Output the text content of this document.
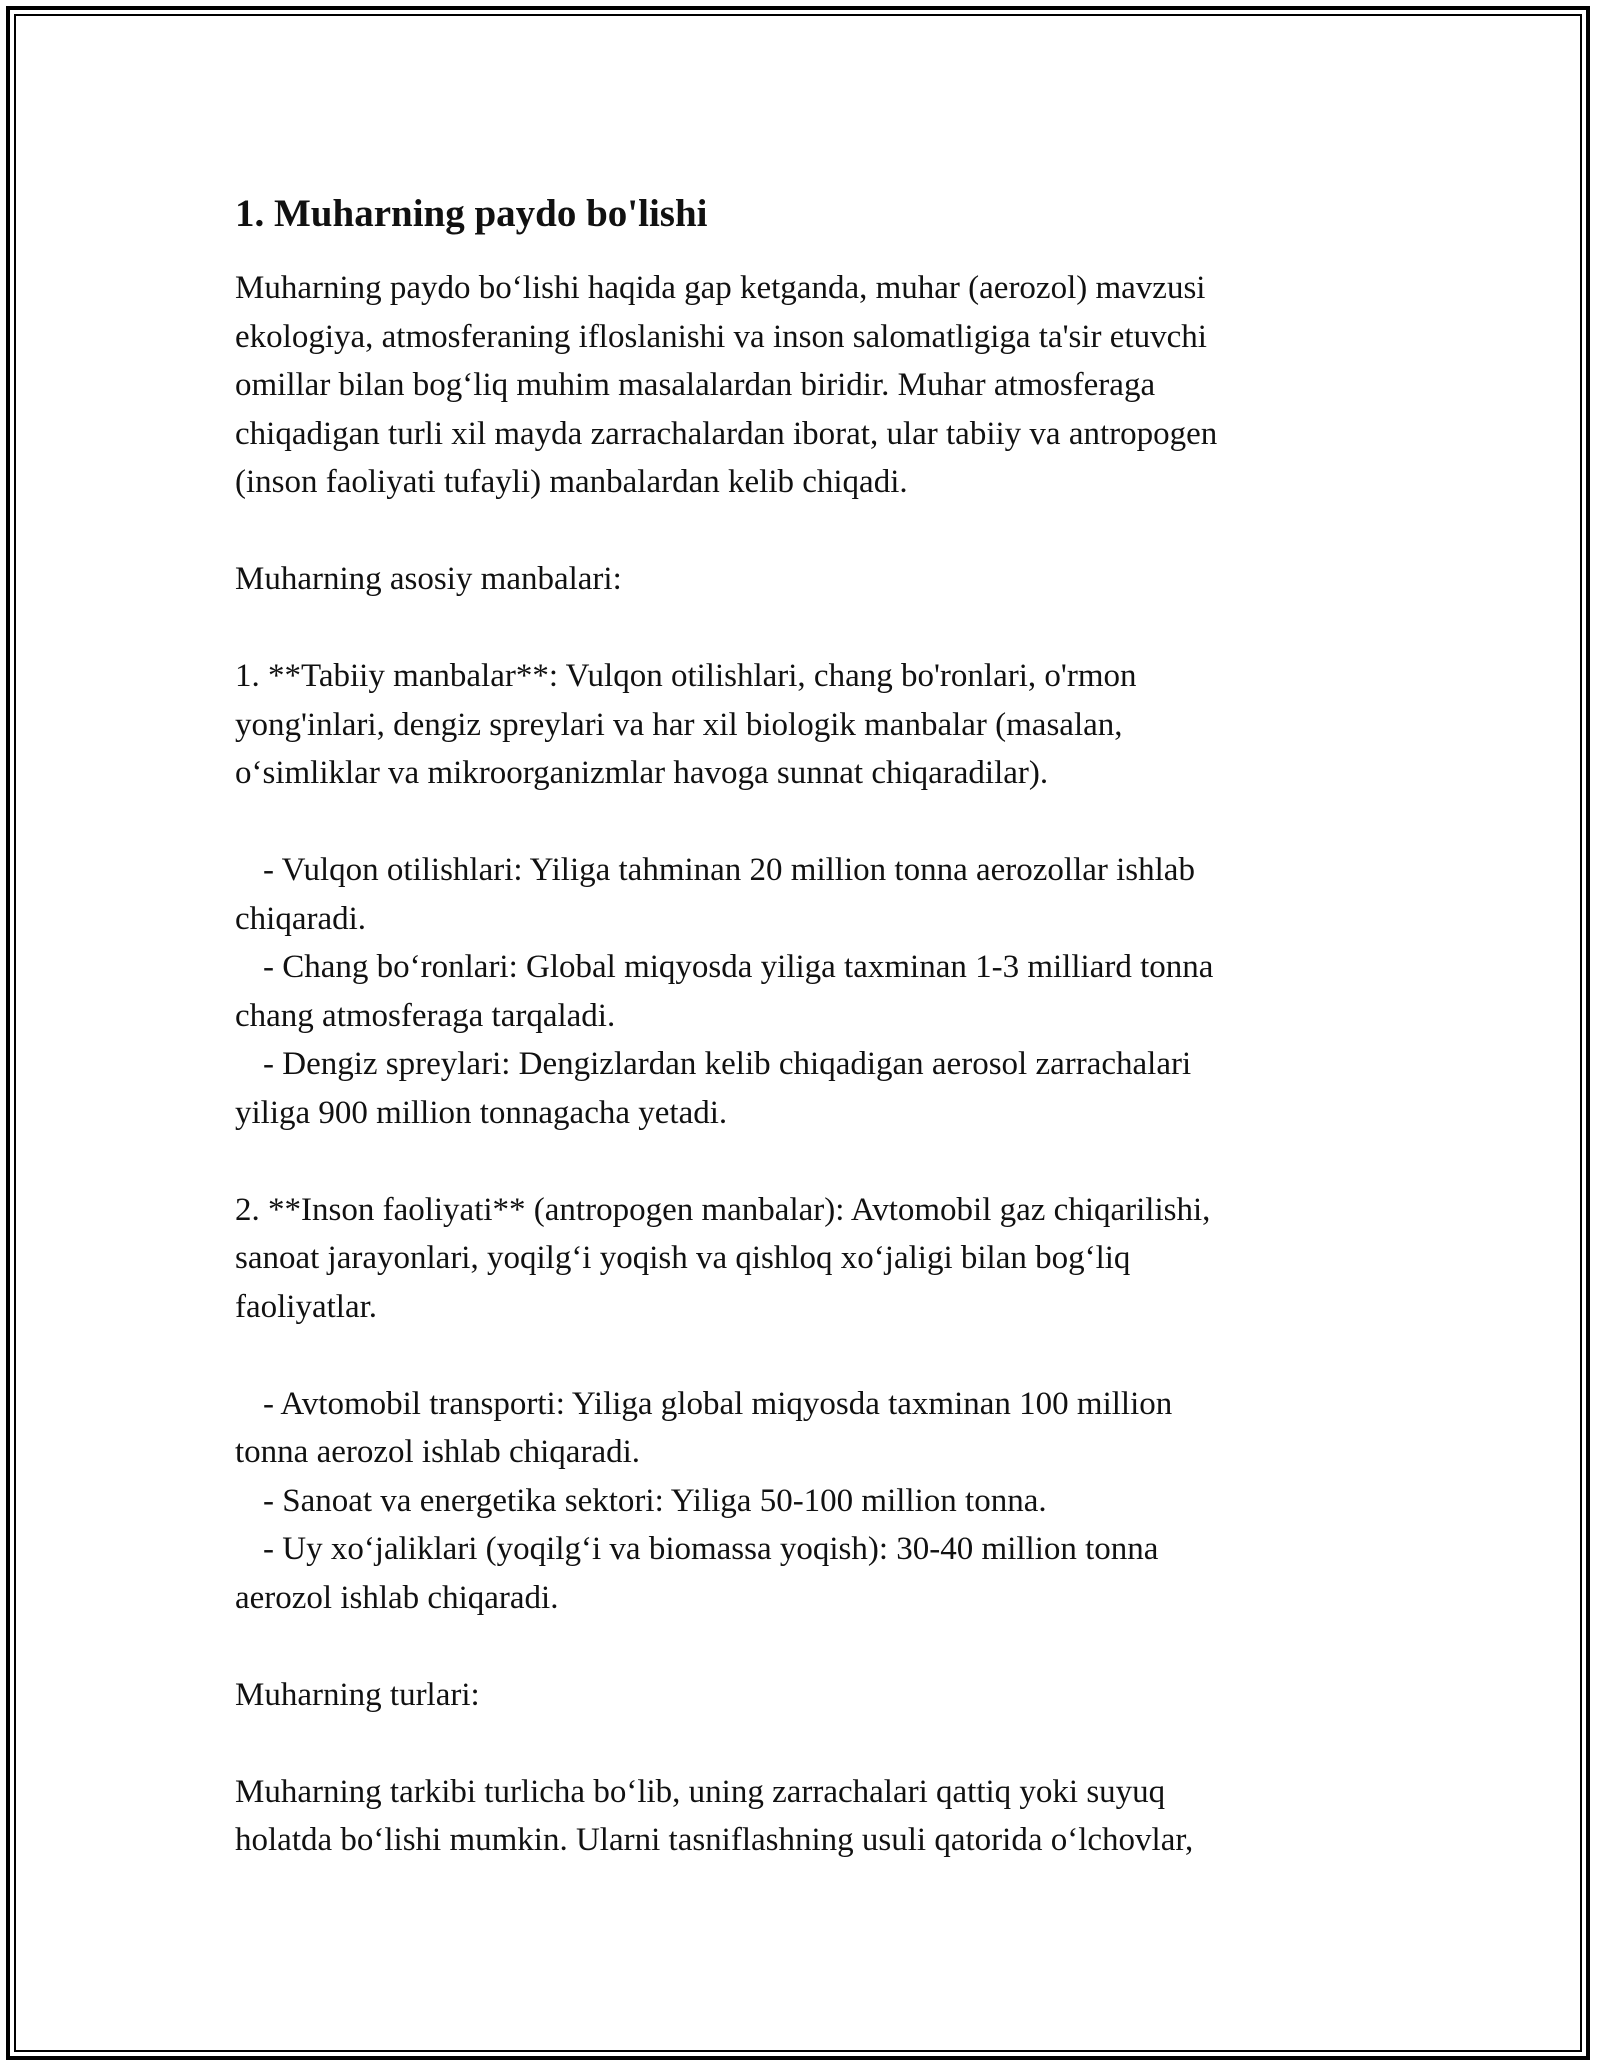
1. Muharning paydo bo'lishi
Muharning paydo bo‘lishi haqida gap ketganda, muhar (aerozol) mavzusi
ekologiya, atmosferaning ifloslanishi va inson salomatligiga ta'sir etuvchi
omillar bilan bog‘liq muhim masalalardan biridir. Muhar atmosferaga
chiqadigan turli xil mayda zarrachalardan iborat, ular tabiiy va antropogen
(inson faoliyati tufayli) manbalardan kelib chiqadi.
Muharning asosiy manbalari:
1. **Tabiiy manbalar**: Vulqon otilishlari, chang bo'ronlari, o'rmon
yong'inlari, dengiz spreylari va har xil biologik manbalar (masalan,
o‘simliklar va mikroorganizmlar havoga sunnat chiqaradilar).
- Vulqon otilishlari: Yiliga tahminan 20 million tonna aerozollar ishlab
chiqaradi.
- Chang bo‘ronlari: Global miqyosda yiliga taxminan 1-3 milliard tonna
chang atmosferaga tarqaladi.
- Dengiz spreylari: Dengizlardan kelib chiqadigan aerosol zarrachalari
yiliga 900 million tonnagacha yetadi.
2. **Inson faoliyati** (antropogen manbalar): Avtomobil gaz chiqarilishi,
sanoat jarayonlari, yoqilg‘i yoqish va qishloq xo‘jaligi bilan bog‘liq
faoliyatlar.
- Avtomobil transporti: Yiliga global miqyosda taxminan 100 million
tonna aerozol ishlab chiqaradi.
- Sanoat va energetika sektori: Yiliga 50-100 million tonna.
- Uy xo‘jaliklari (yoqilg‘i va biomassa yoqish): 30-40 million tonna
aerozol ishlab chiqaradi.
Muharning turlari:
Muharning tarkibi turlicha bo‘lib, uning zarrachalari qattiq yoki suyuq
holatda bo‘lishi mumkin. Ularni tasniflashning usuli qatorida o‘lchovlar,
